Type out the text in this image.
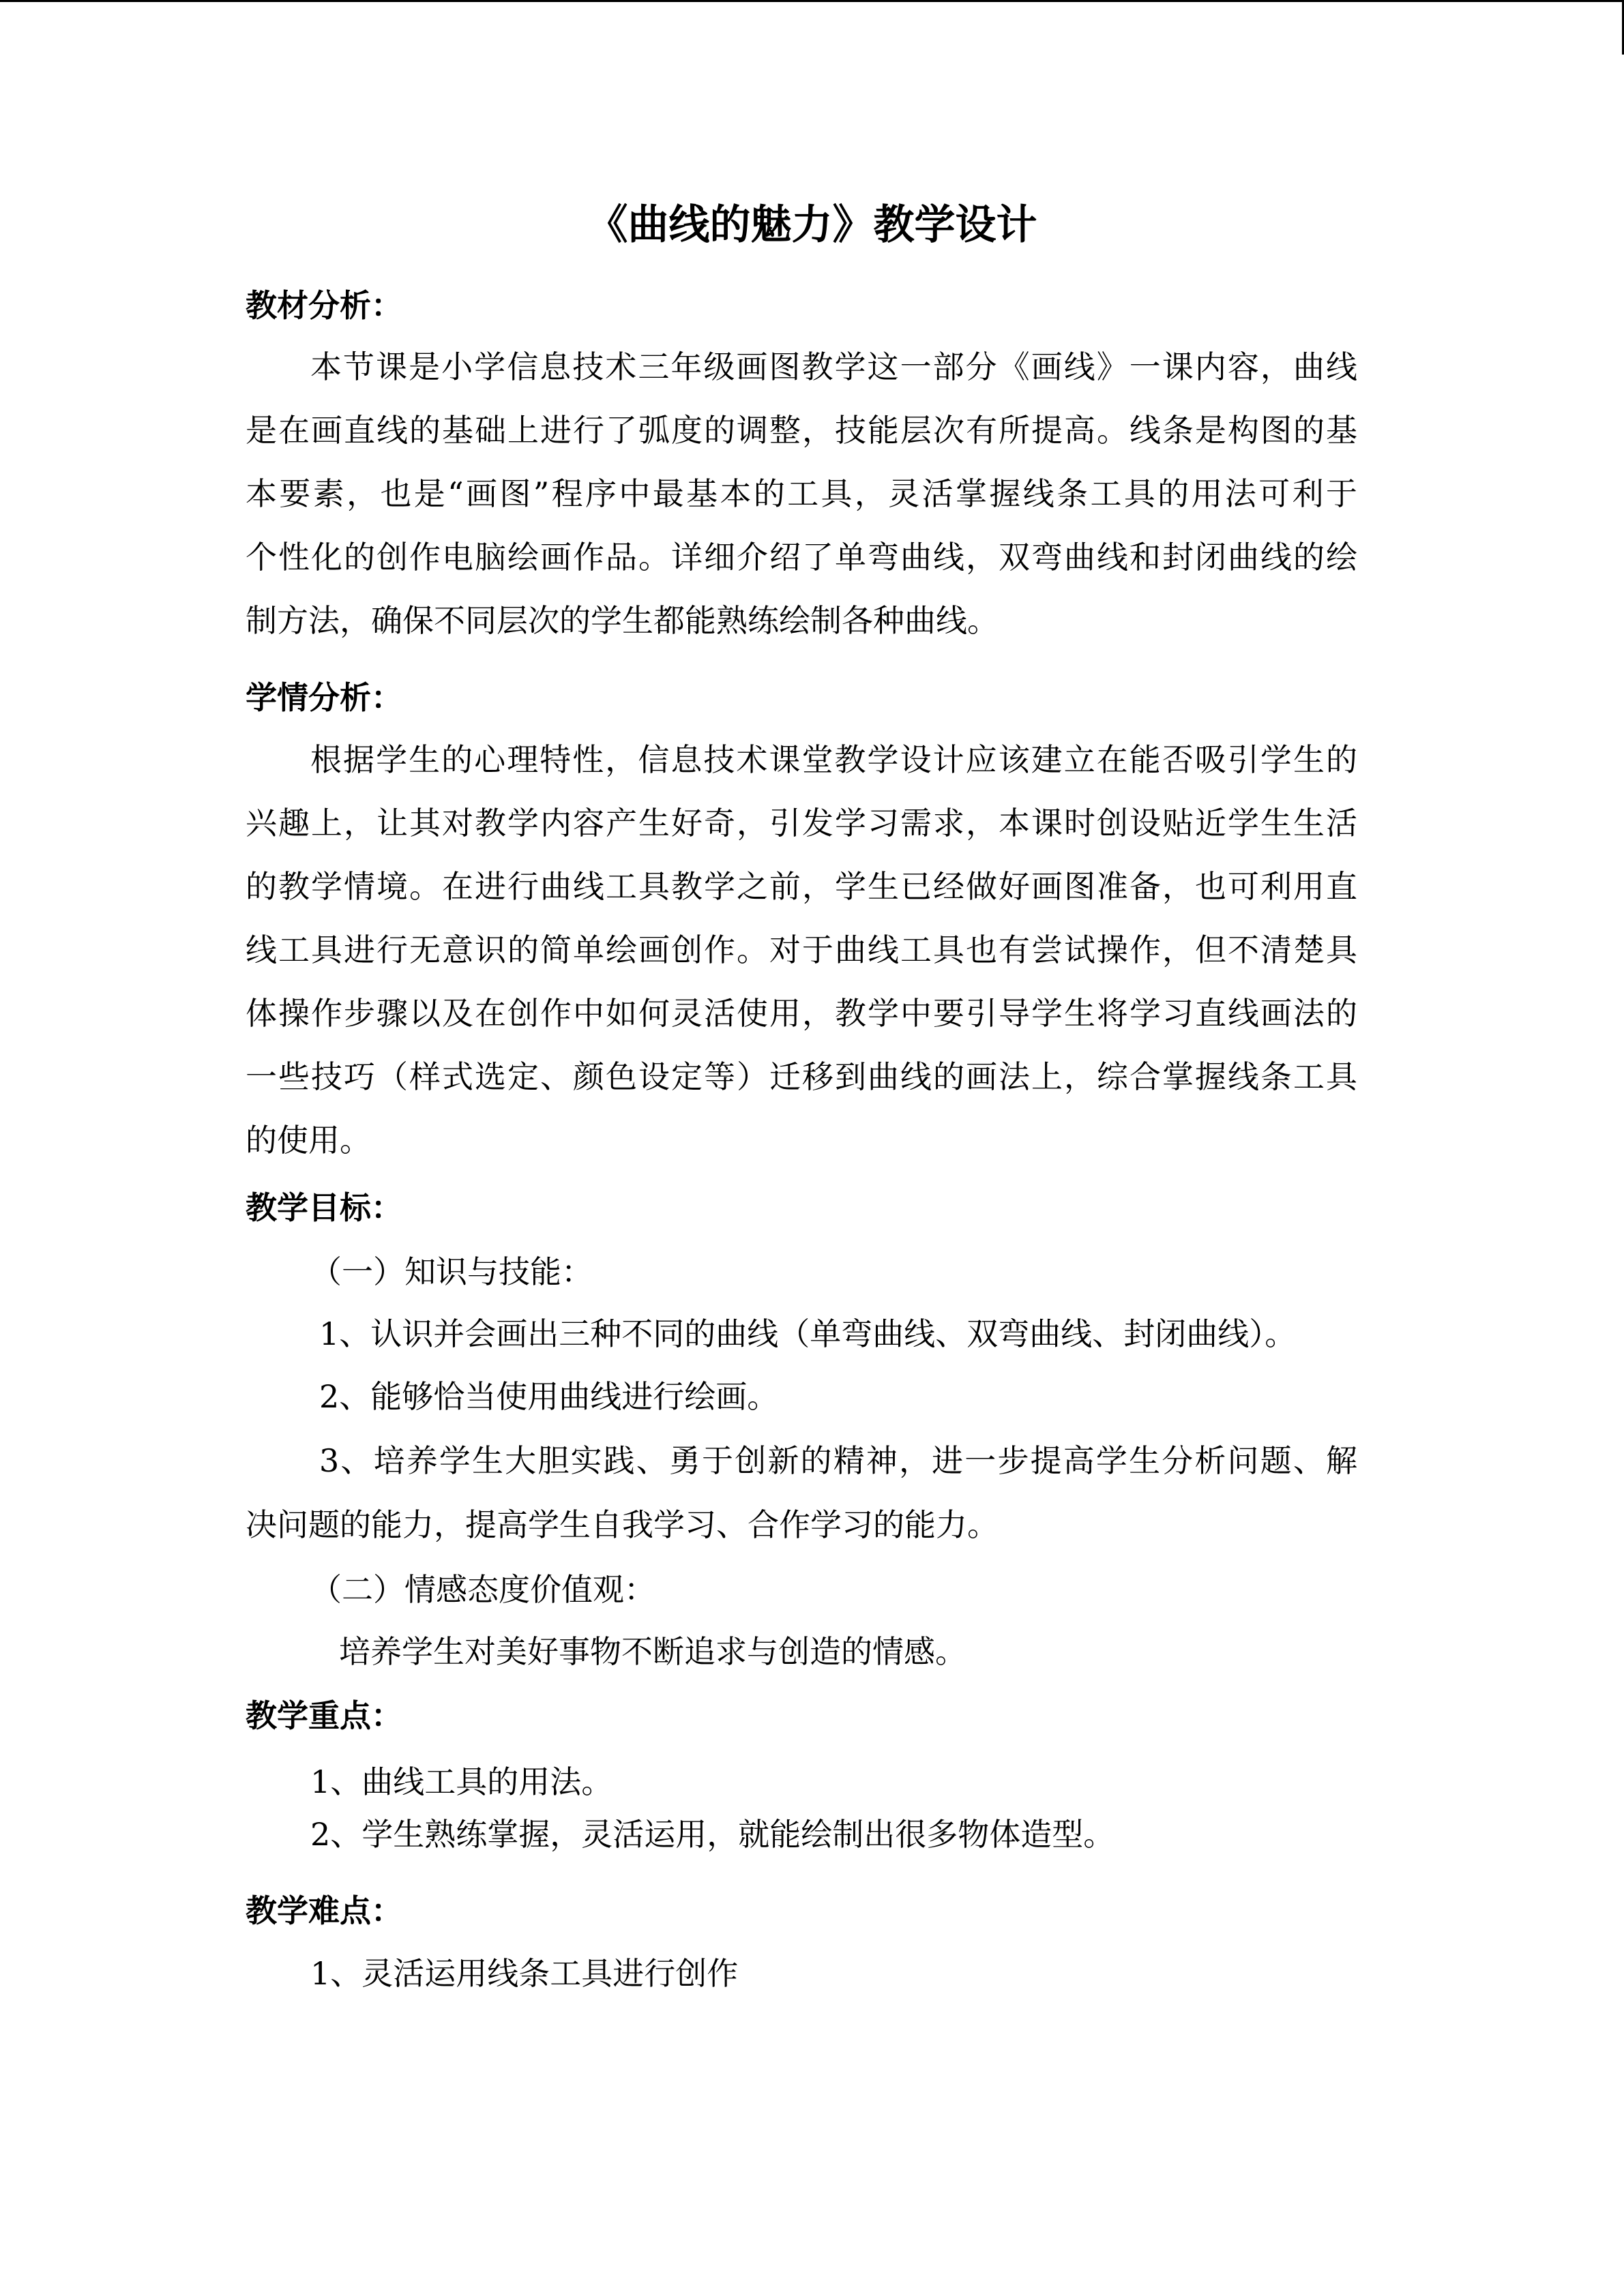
《曲线的魅力》教学设计
教材分析：
本节课是小学信息技术三年级画图教学这一部分《画线》一课内容，曲线
是在画直线的基础上进行了弧度的调整，技能层次有所提高。线条是构图的基
本要素，也是“画图”程序中最基本的工具，灵活掌握线条工具的用法可利于
个性化的创作电脑绘画作品。详细介绍了单弯曲线，双弯曲线和封闭曲线的绘
制方法，确保不同层次的学生都能熟练绘制各种曲线。
学情分析：
根据学生的心理特性，信息技术课堂教学设计应该建立在能否吸引学生的
兴趣上，让其对教学内容产生好奇，引发学习需求，本课时创设贴近学生生活
的教学情境。在进行曲线工具教学之前，学生已经做好画图准备，也可利用直
线工具进行无意识的简单绘画创作。对于曲线工具也有尝试操作，但不清楚具
体操作步骤以及在创作中如何灵活使用，教学中要引导学生将学习直线画法的
一些技巧（样式选定、颜色设定等）迁移到曲线的画法上，综合掌握线条工具
的使用。
教学目标：
（一）知识与技能：
1、认识并会画出三种不同的曲线（单弯曲线、双弯曲线、封闭曲线）。
2、能够恰当使用曲线进行绘画。
3、培养学生大胆实践、勇于创新的精神，进一步提高学生分析问题、解
决问题的能力，提高学生自我学习、合作学习的能力。
（二）情感态度价值观：
培养学生对美好事物不断追求与创造的情感。
教学重点：
1、曲线工具的用法。
2、学生熟练掌握，灵活运用，就能绘制出很多物体造型。
教学难点：
1、灵活运用线条工具进行创作
